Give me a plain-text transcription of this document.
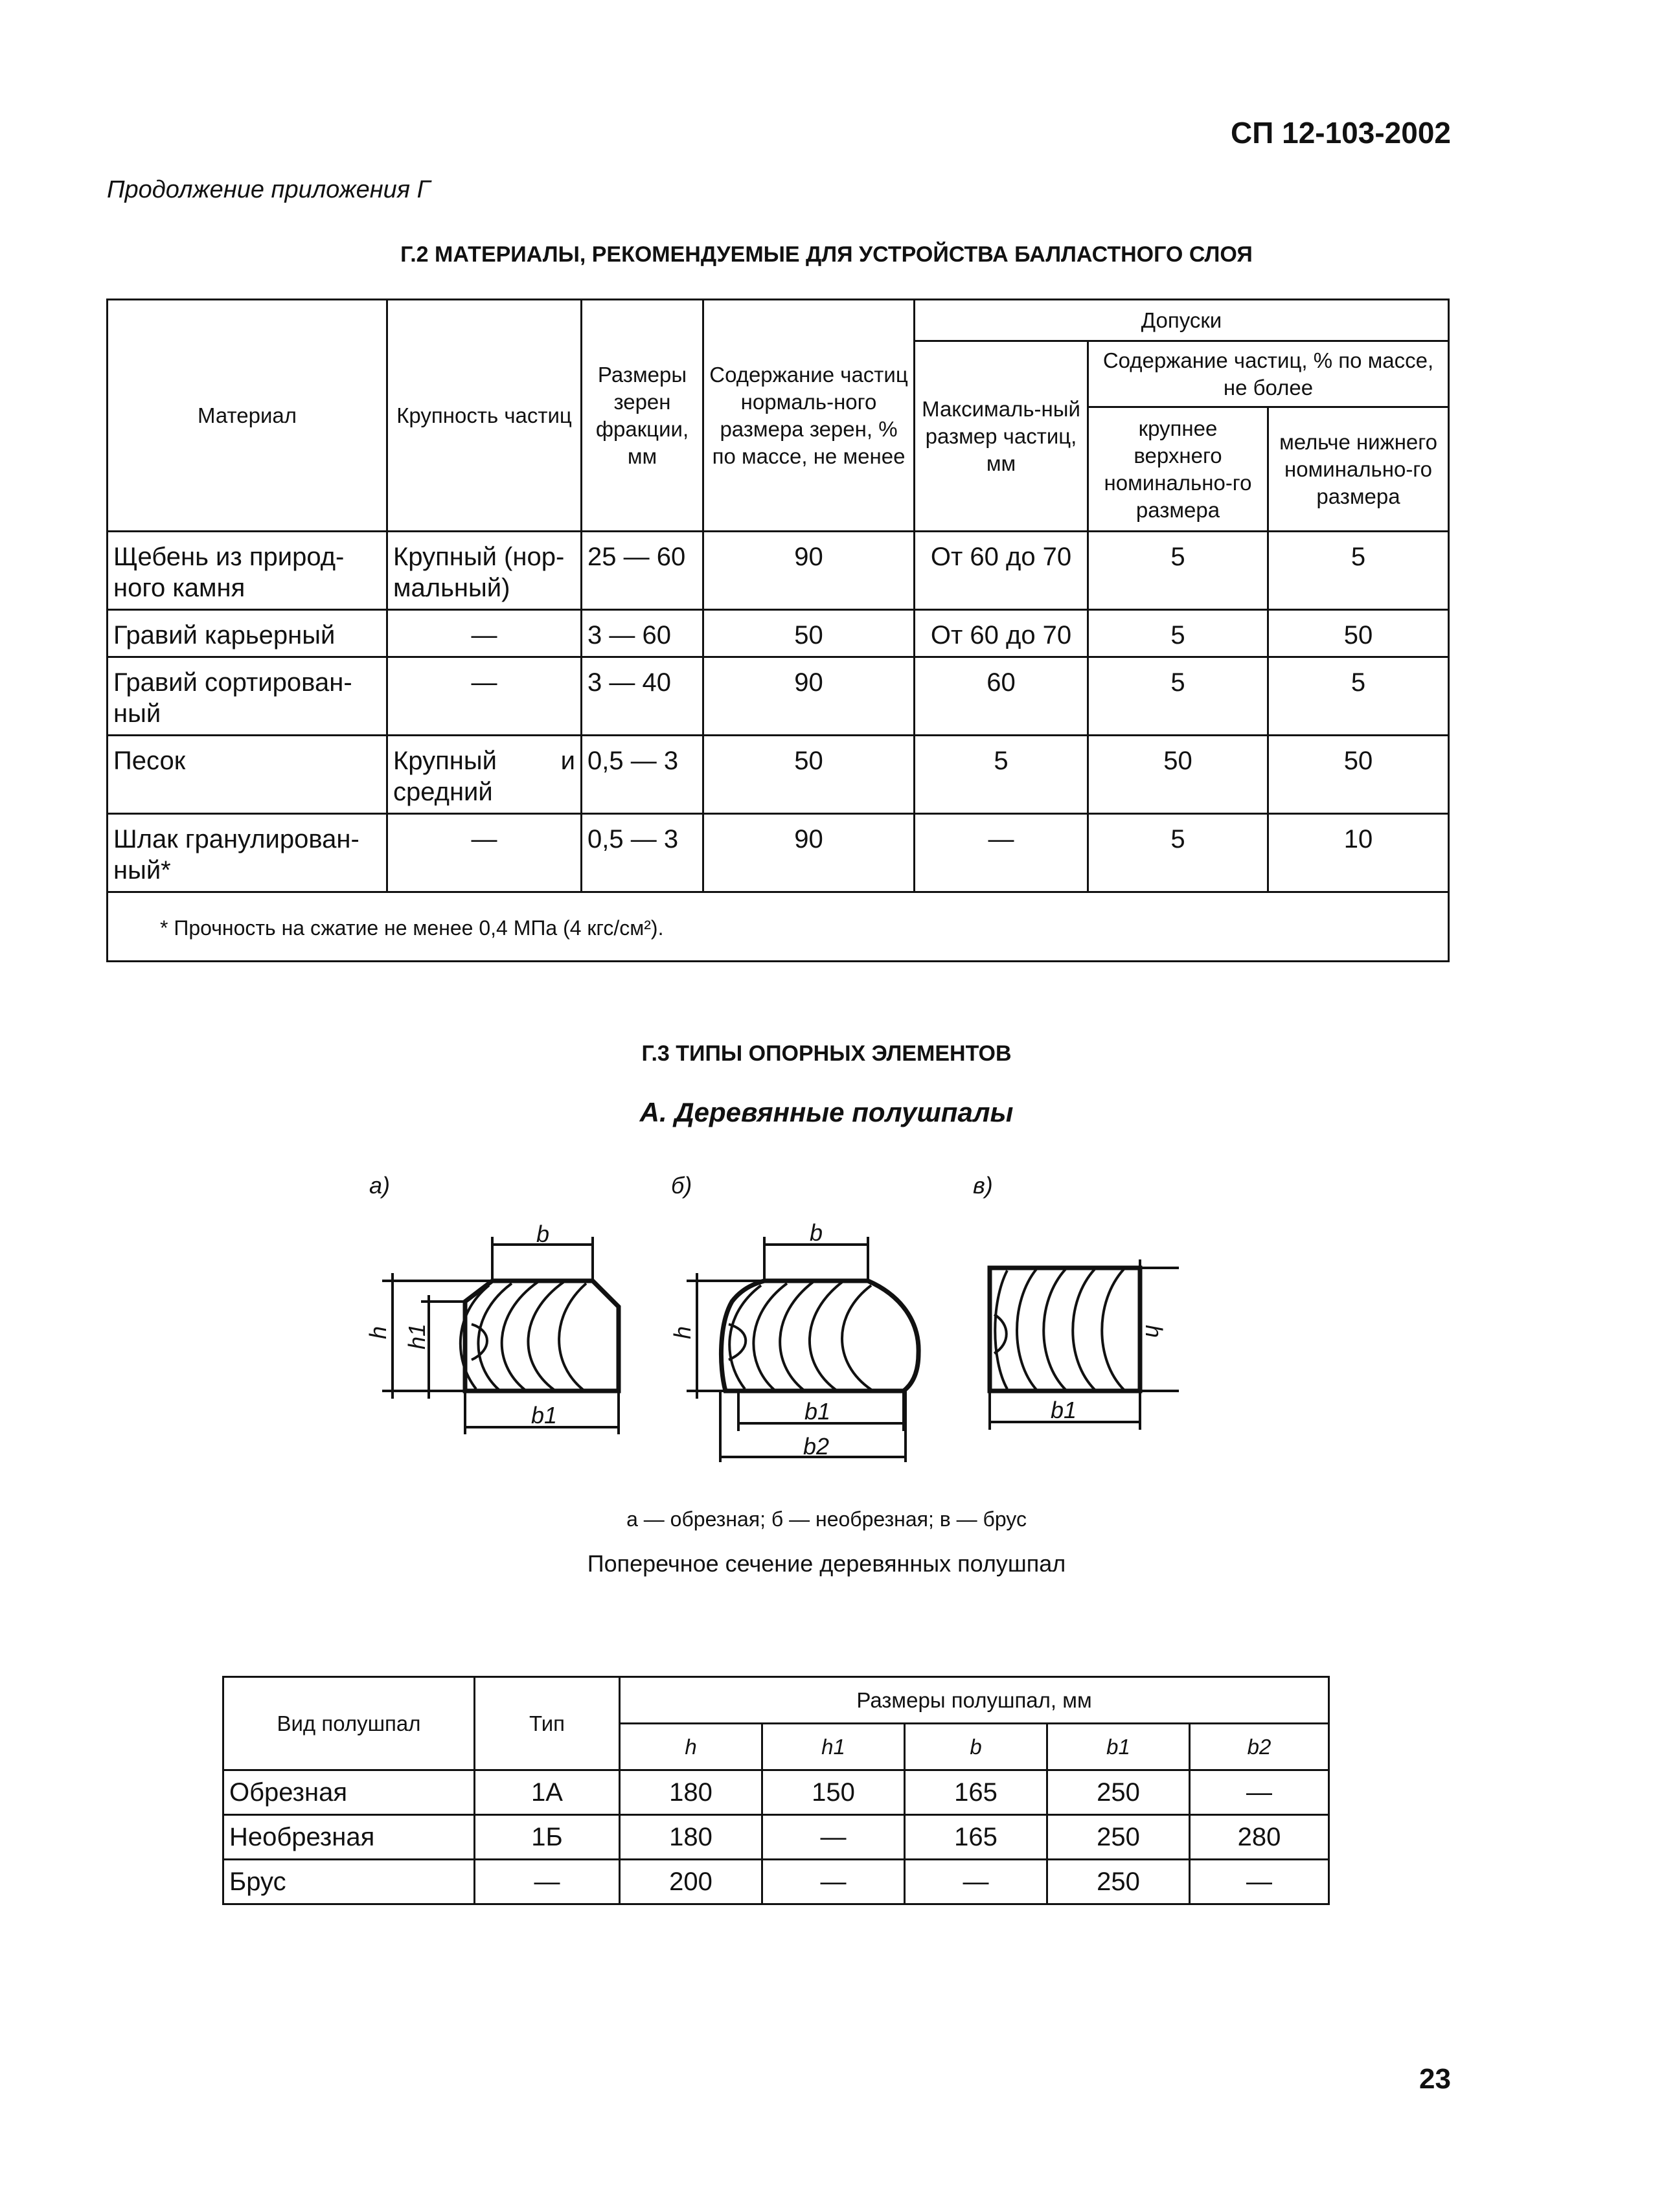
СП 12-103-2002
Продолжение приложения Г
Г.2 МАТЕРИАЛЫ, РЕКОМЕНДУЕМЫЕ ДЛЯ УСТРОЙСТВА БАЛЛАСТНОГО СЛОЯ
Материал	Крупность частиц	Размеры зерен фракции, мм	Содержание частиц нормаль-ного размера зерен, % по массе, не менее	Допуски		
				Максималь-ный размер частиц, мм	Содержание частиц, % по массе, не более	
					крупнее верхнего номинально-го размера	мельче нижнего номинально-го размера
Щебень из природ-ного камня	Крупный (нор-мальный)	25 — 60	90	От 60 до 70	5	5
Гравий карьерный	—	3 — 60	50	От 60 до 70	5	50
Гравий сортирован-ный	—	3 — 40	90	60	5	5
Песок	Крупный и средний	0,5 — 3	50	5	50	50
Шлак гранулирован-ный*	—	0,5 — 3	90	—	5	10
* Прочность на сжатие не менее 0,4 МПа (4 кгс/см²).						
Г.3 ТИПЫ ОПОРНЫХ ЭЛЕМЕНТОВ
А. Деревянные полушпалы
а)	б)	в)
b	b
h h1	h	h
b1	b1
b2
b1
а — обрезная; б — необрезная; в — брус
Поперечное сечение деревянных полушпал
Вид полушпал	Тип	Размеры полушпал, мм				
		h	h1	b	b1	b2
Обрезная	1А	180	150	165	250	—
Необрезная	1Б	180	—	165	250	280
Брус	—	200	—	—	250	—
23
